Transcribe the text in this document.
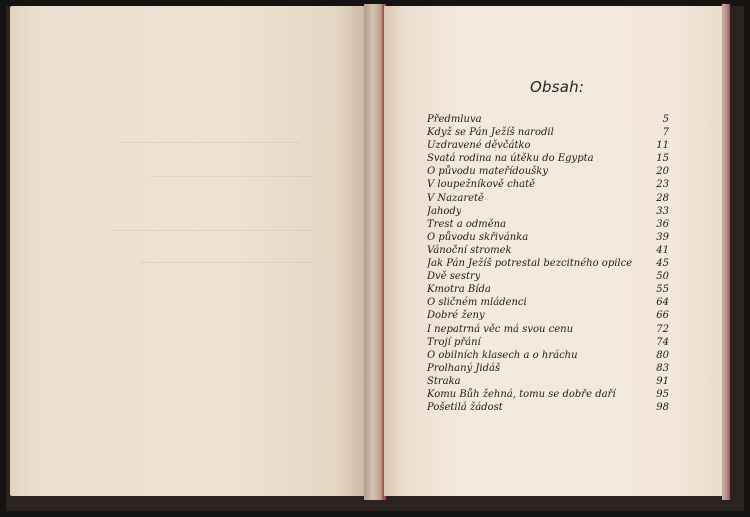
Obsah:
Předmluva	5
Když se Pán Ježíš narodil	7
Uzdravené děvčátko	11
Svatá rodina na útěku do Egypta	15
O původu mateřídoušky	20
V loupežníkově chatě	23
V Nazaretě	28
Jahody	33
Trest a odměna	36
O původu skřivánka	39
Vánoční stromek	41
Jak Pán Ježíš potrestal bezcitného opilce 45
Dvě sestry	50
Kmotra Bída	55
O sličném mládenci	64
Dobré ženy	66
I nepatrná věc má svou cenu	72
Trojí přání	74
O obilních klasech a o hráchu	80
Prolhaný Jidáš	83
Straka	91
Komu Bůh žehná, tomu se dobře daří	95
Pošetilá žádost	98
